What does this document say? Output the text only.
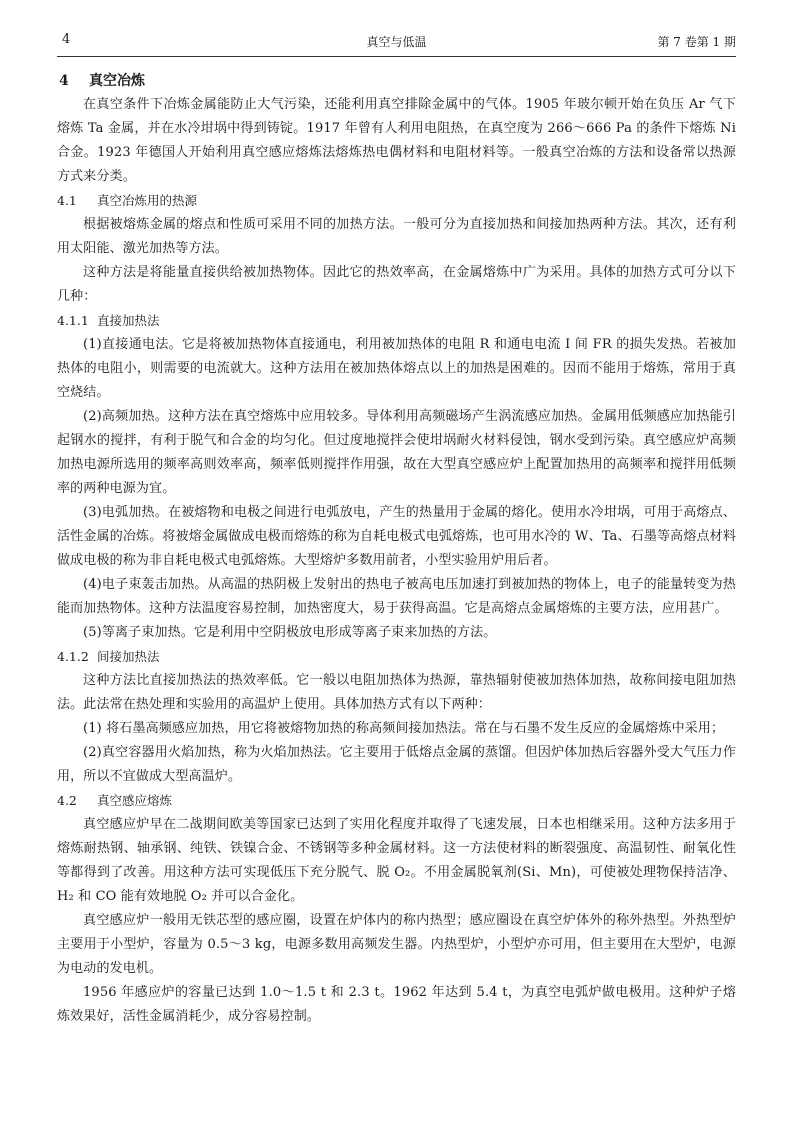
4	真空与低温	第 7 卷第 1 期
4 真空冶炼

在真空条件下冶炼金属能防止大气污染，还能利用真空排除金属中的气体。1905 年玻尔顿开始在负压 Ar 气下熔炼 Ta 金属，并在水冷坩埚中得到铸锭。1917 年曾有人利用电阻热，在真空度为 266～666 Pa 的条件下熔炼 Ni 合金。1923 年德国人开始利用真空感应熔炼法熔炼热电偶材料和电阻材料等。一般真空冶炼的方法和设备常以热源方式来分类。

4.1 真空冶炼用的热源

根据被熔炼金属的熔点和性质可采用不同的加热方法。一般可分为直接加热和间接加热两种方法。其次，还有利用太阳能、激光加热等方法。

这种方法是将能量直接供给被加热物体。因此它的热效率高，在金属熔炼中广为采用。具体的加热方式可分以下几种：

4.1.1 直接加热法

(1)直接通电法。它是将被加热物体直接通电，利用被加热体的电阻 R 和通电电流 I 间 FR 的损失发热。若被加热体的电阻小，则需要的电流就大。这种方法用在被加热体熔点以上的加热是困难的。因而不能用于熔炼，常用于真空烧结。

(2)高频加热。这种方法在真空熔炼中应用较多。导体利用高频磁场产生涡流感应加热。金属用低频感应加热能引起钢水的搅拌，有利于脱气和合金的均匀化。但过度地搅拌会使坩埚耐火材料侵蚀，钢水受到污染。真空感应炉高频加热电源所选用的频率高则效率高，频率低则搅拌作用强，故在大型真空感应炉上配置加热用的高频率和搅拌用低频率的两种电源为宜。

(3)电弧加热。在被熔物和电极之间进行电弧放电，产生的热量用于金属的熔化。使用水冷坩埚，可用于高熔点、活性金属的冶炼。将被熔金属做成电极而熔炼的称为自耗电极式电弧熔炼，也可用水冷的 W、Ta、石墨等高熔点材料做成电极的称为非自耗电极式电弧熔炼。大型熔炉多数用前者，小型实验用炉用后者。

(4)电子束轰击加热。从高温的热阴极上发射出的热电子被高电压加速打到被加热的物体上，电子的能量转变为热能而加热物体。这种方法温度容易控制，加热密度大，易于获得高温。它是高熔点金属熔炼的主要方法，应用甚广。

(5)等离子束加热。它是利用中空阴极放电形成等离子束来加热的方法。

4.1.2 间接加热法

这种方法比直接加热法的热效率低。它一般以电阻加热体为热源，靠热辐射使被加热体加热，故称间接电阻加热法。此法常在热处理和实验用的高温炉上使用。具体加热方式有以下两种：

(1) 将石墨高频感应加热，用它将被熔物加热的称高频间接加热法。常在与石墨不发生反应的金属熔炼中采用；

(2)真空容器用火焰加热，称为火焰加热法。它主要用于低熔点金属的蒸馏。但因炉体加热后容器外受大气压力作用，所以不宜做成大型高温炉。

4.2 真空感应熔炼

真空感应炉早在二战期间欧美等国家已达到了实用化程度并取得了飞速发展，日本也相继采用。这种方法多用于熔炼耐热钢、轴承钢、纯铁、铁镍合金、不锈钢等多种金属材料。这一方法使材料的断裂强度、高温韧性、耐氧化性等都得到了改善。用这种方法可实现低压下充分脱气、脱 O₂。不用金属脱氧剂(Si、Mn)，可使被处理物保持洁净、H₂ 和 CO 能有效地脱 O₂ 并可以合金化。

真空感应炉一般用无铁芯型的感应圈，设置在炉体内的称内热型；感应圈设在真空炉体外的称外热型。外热型炉主要用于小型炉，容量为 0.5～3 kg，电源多数用高频发生器。内热型炉，小型炉亦可用，但主要用在大型炉，电源为电动的发电机。

1956 年感应炉的容量已达到 1.0～1.5 t 和 2.3 t。1962 年达到 5.4 t，为真空电弧炉做电极用。这种炉子熔炼效果好，活性金属消耗少，成分容易控制。
